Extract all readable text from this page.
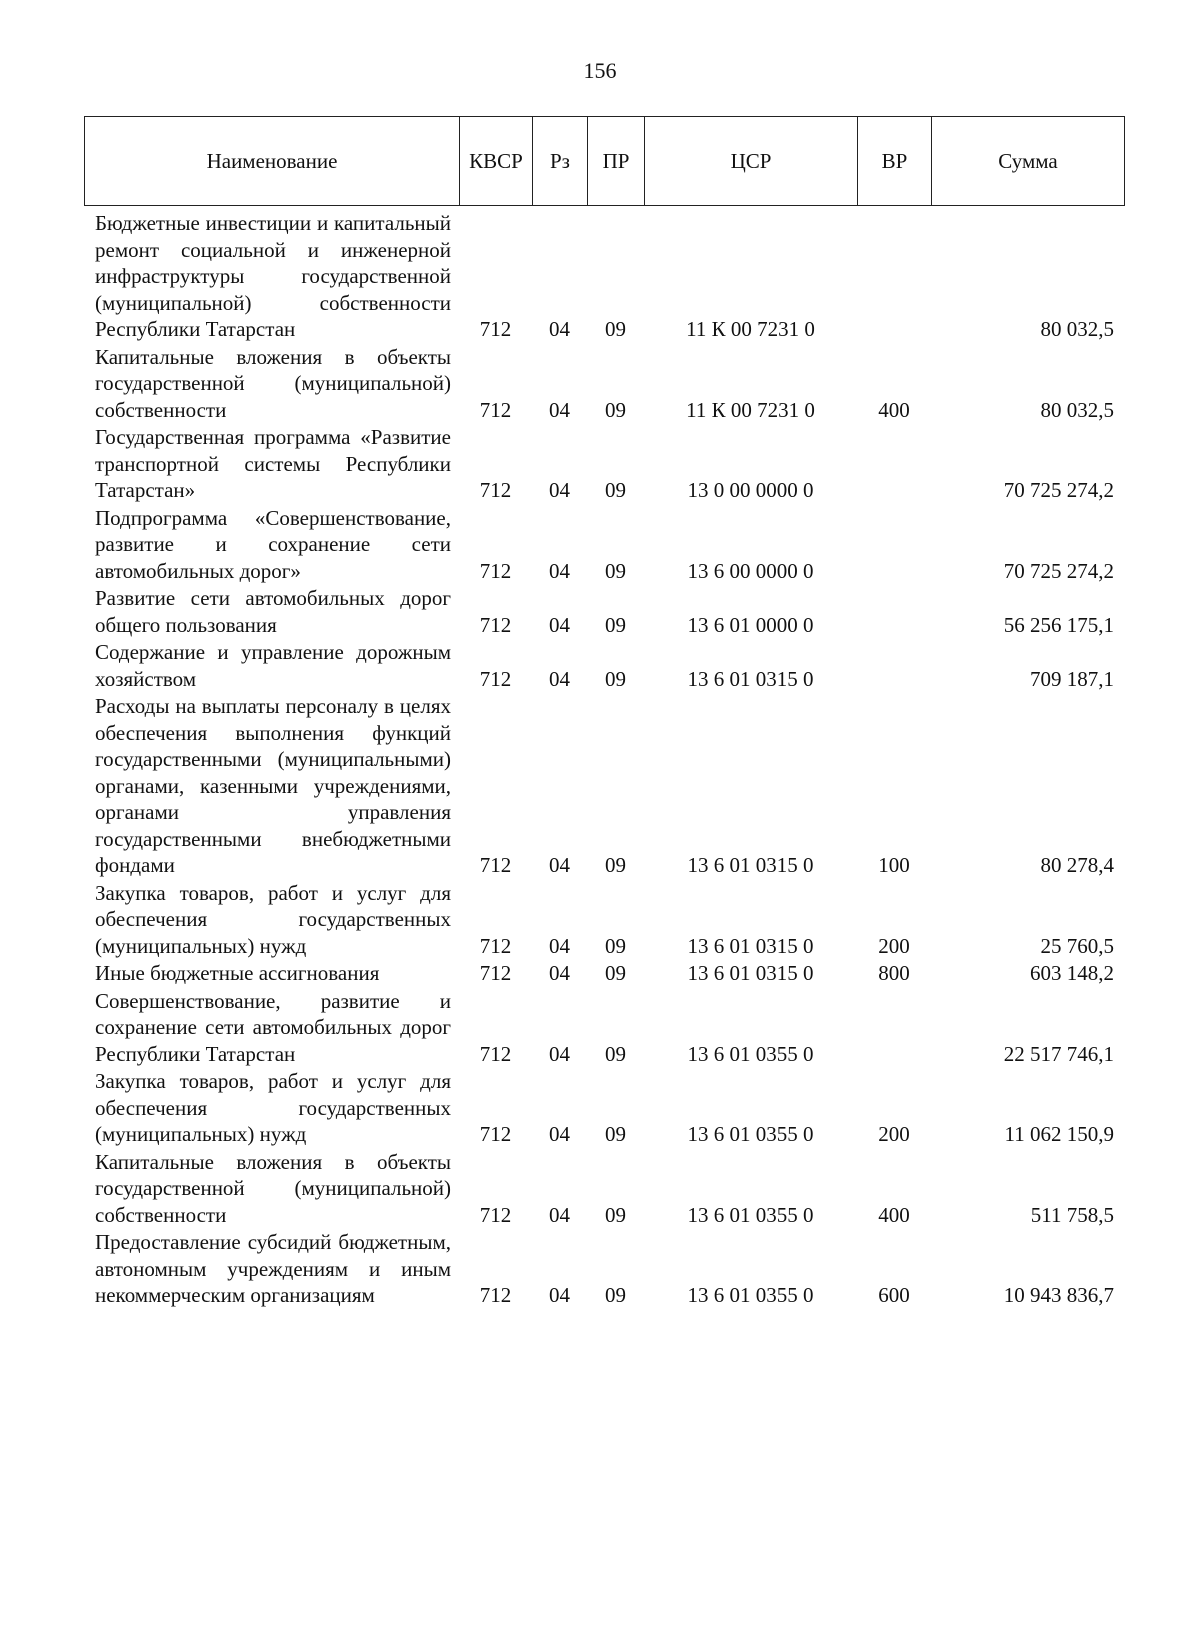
156
Наименование	КВСР	Рз	ПР	ЦСР	ВР	Сумма
Бюджетные инвестиции и капитальный ремонт социальной и инженерной инфраструктуры государственной (муниципальной) собственности Республики Татарстан	712	04	09	11 К 00 7231 0		80 032,5
Капитальные вложения в объекты государственной (муниципальной) собственности	712	04	09	11 К 00 7231 0	400	80 032,5
Государственная программа «Развитие транспортной системы Республики Татарстан»	712	04	09	13 0 00 0000 0		70 725 274,2
Подпрограмма «Совершенствование, развитие и сохранение сети автомобильных дорог»	712	04	09	13 6 00 0000 0		70 725 274,2
Развитие сети автомобильных дорог общего пользования	712	04	09	13 6 01 0000 0		56 256 175,1
Содержание и управление дорожным хозяйством	712	04	09	13 6 01 0315 0		709 187,1
Расходы на выплаты персоналу в целях обеспечения выполнения функций государственными (муниципальными) органами, казенными учреждениями, органами управления государственными внебюджетными фондами	712	04	09	13 6 01 0315 0	100	80 278,4
Закупка товаров, работ и услуг для обеспечения государственных (муниципальных) нужд	712	04	09	13 6 01 0315 0	200	25 760,5
Иные бюджетные ассигнования	712	04	09	13 6 01 0315 0	800	603 148,2
Совершенствование, развитие и сохранение сети автомобильных дорог Республики Татарстан	712	04	09	13 6 01 0355 0		22 517 746,1
Закупка товаров, работ и услуг для обеспечения государственных (муниципальных) нужд	712	04	09	13 6 01 0355 0	200	11 062 150,9
Капитальные вложения в объекты государственной (муниципальной) собственности	712	04	09	13 6 01 0355 0	400	511 758,5
Предоставление субсидий бюджетным, автономным учреждениям и иным некоммерческим организациям	712	04	09	13 6 01 0355 0	600	10 943 836,7
